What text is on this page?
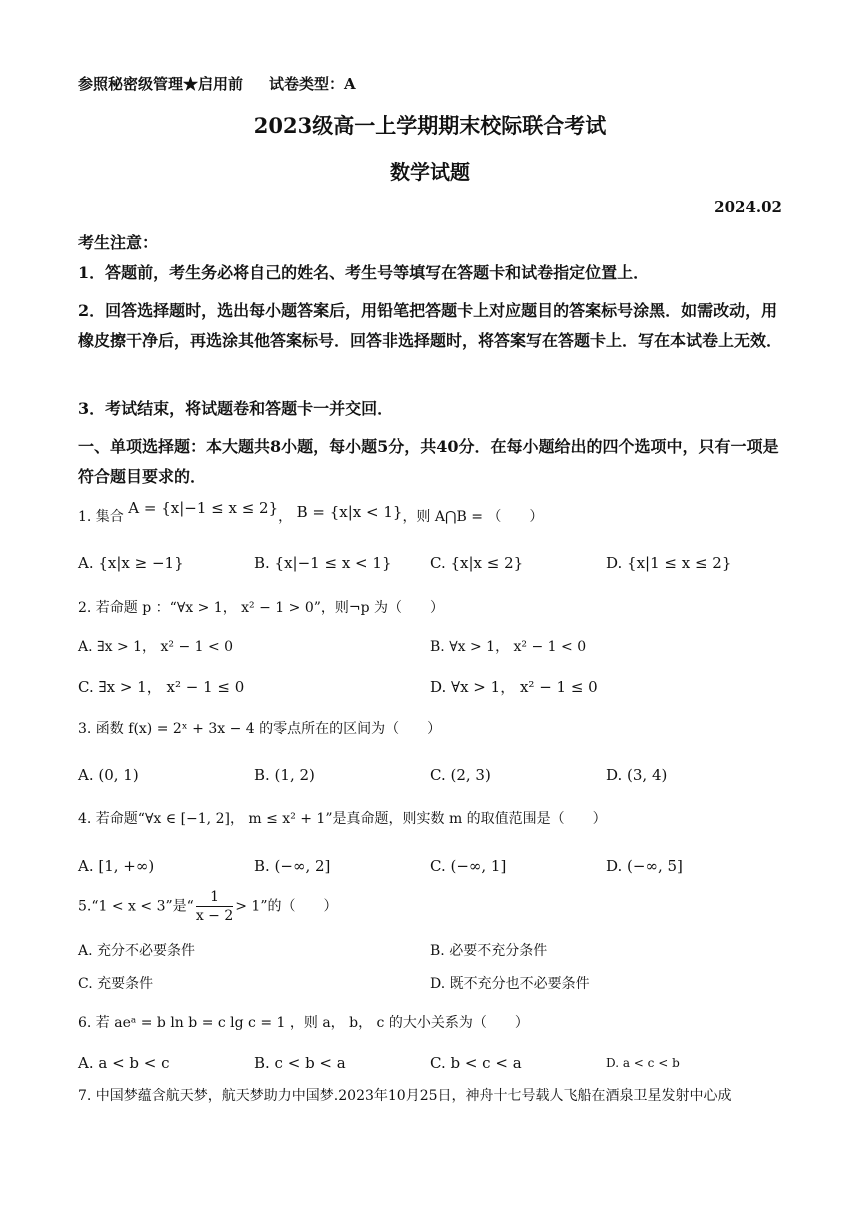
参照秘密级管理★启用前 试卷类型：A
2023级高一上学期期末校际联合考试
数学试题
2024.02
考生注意：
1．答题前，考生务必将自己的姓名、考生号等填写在答题卡和试卷指定位置上．
2．回答选择题时，选出每小题答案后，用铅笔把答题卡上对应题目的答案标号涂黑．如需改动，用橡皮擦干净后，再选涂其他答案标号．回答非选择题时，将答案写在答题卡上．写在本试卷上无效．
3．考试结束，将试题卷和答题卡一并交回．
一、单项选择题：本大题共8小题，每小题5分，共40分．在每小题给出的四个选项中，只有一项是符合题目要求的．
1. 集合 A = {x|−1 ≤ x ≤ 2}， B = {x|x < 1}，则 A⋂B = （　　）
A. {x|x ≥ −1}	B. {x|−1 ≤ x < 1}	C. {x|x ≤ 2}	D. {x|1 ≤ x ≤ 2}
2. 若命题 p ：“∀x > 1， x² − 1 > 0”，则¬p 为（　　）
A. ∃x > 1， x² − 1 < 0	B. ∀x > 1， x² − 1 < 0
C. ∃x > 1， x² − 1 ≤ 0	D. ∀x > 1， x² − 1 ≤ 0
3. 函数 f(x) = 2ˣ + 3x − 4 的零点所在的区间为（　　）
A. (0, 1)	B. (1, 2)	C. (2, 3)	D. (3, 4)
4. 若命题“∀x ∈ [−1, 2]， m ≤ x² + 1”是真命题，则实数 m 的取值范围是（　　）
A. [1, +∞)	B. (−∞, 2]	C. (−∞, 1]	D. (−∞, 5]
5.“1 < x < 3”是“ $\frac{1}{x - 2} > 1$”的（　　）
A. 充分不必要条件	B. 必要不充分条件
C. 充要条件	D. 既不充分也不必要条件
6. 若 aeᵃ = b ln b = c lg c = 1 ，则 a， b， c 的大小关系为（　　）
A. a < b < c	B. c < b < a	C. b < c < a	D. a < c < b
7. 中国梦蕴含航天梦，航天梦助力中国梦.2023年10月25日，神舟十七号载人飞船在酒泉卫星发射中心成
